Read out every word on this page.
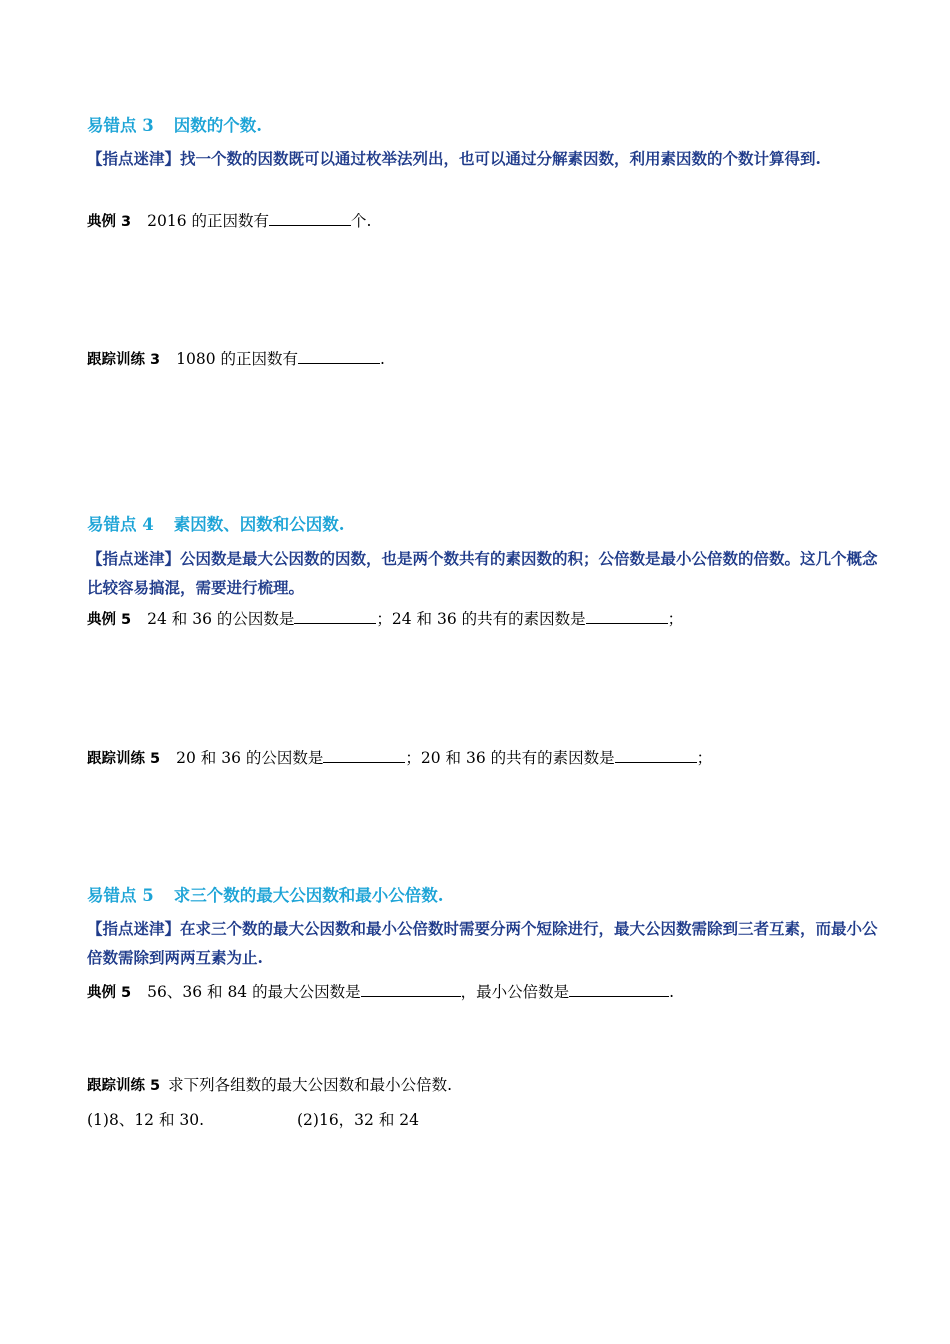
易错点 3 因数的个数.
【指点迷津】找一个数的因数既可以通过枚举法列出，也可以通过分解素因数，利用素因数的个数计算得到.
典例 3 2016 的正因数有	个.
跟踪训练 3 1080 的正因数有	.
易错点 4 素因数、因数和公因数.
【指点迷津】公因数是最大公因数的因数，也是两个数共有的素因数的积；公倍数是最小公倍数的倍数。这几个概念比较容易搞混，需要进行梳理。
典例 5 24 和 36 的公因数是	；24 和 36 的共有的素因数是	；
跟踪训练 5 20 和 36 的公因数是	；20 和 36 的共有的素因数是	；
易错点 5 求三个数的最大公因数和最小公倍数.
【指点迷津】在求三个数的最大公因数和最小公倍数时需要分两个短除进行，最大公因数需除到三者互素，而最小公倍数需除到两两互素为止.
典例 5 56、36 和 84 的最大公因数是	，最小公倍数是	.
跟踪训练 5 求下列各组数的最大公因数和最小公倍数.
(1)8、12 和 30.	(2)16，32 和 24
